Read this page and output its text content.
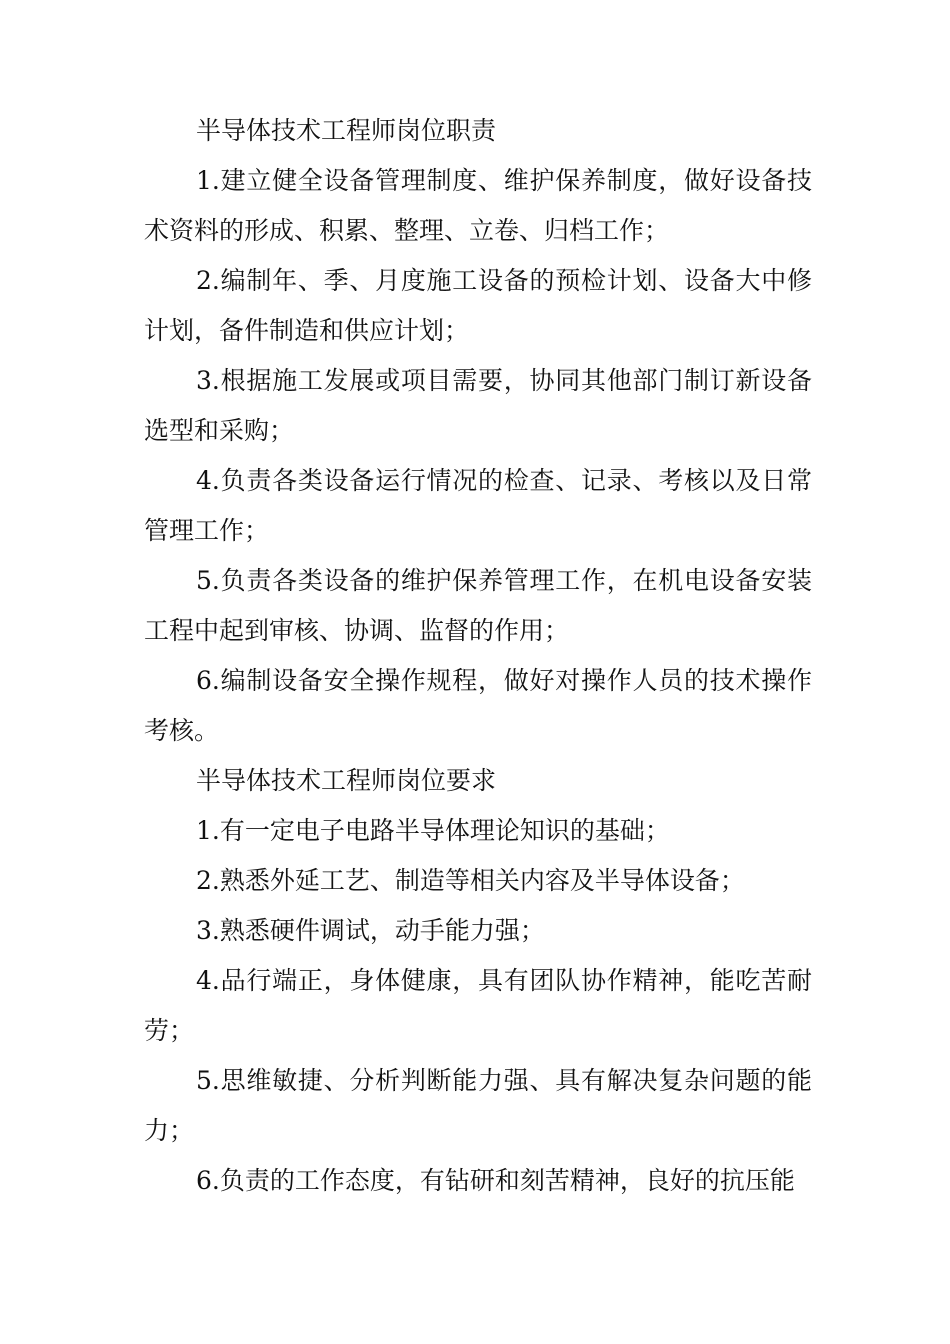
半导体技术工程师岗位职责

1.建立健全设备管理制度、维护保养制度，做好设备技术资料的形成、积累、整理、立卷、归档工作；

2.编制年、季、月度施工设备的预检计划、设备大中修计划，备件制造和供应计划；

3.根据施工发展或项目需要，协同其他部门制订新设备选型和采购；

4.负责各类设备运行情况的检查、记录、考核以及日常管理工作；

5.负责各类设备的维护保养管理工作，在机电设备安装工程中起到审核、协调、监督的作用；

6.编制设备安全操作规程，做好对操作人员的技术操作考核。

半导体技术工程师岗位要求

1.有一定电子电路半导体理论知识的基础；

2.熟悉外延工艺、制造等相关内容及半导体设备；

3.熟悉硬件调试，动手能力强；

4.品行端正，身体健康，具有团队协作精神，能吃苦耐劳；

5.思维敏捷、分析判断能力强、具有解决复杂问题的能力；

6.负责的工作态度，有钻研和刻苦精神，良好的抗压能
